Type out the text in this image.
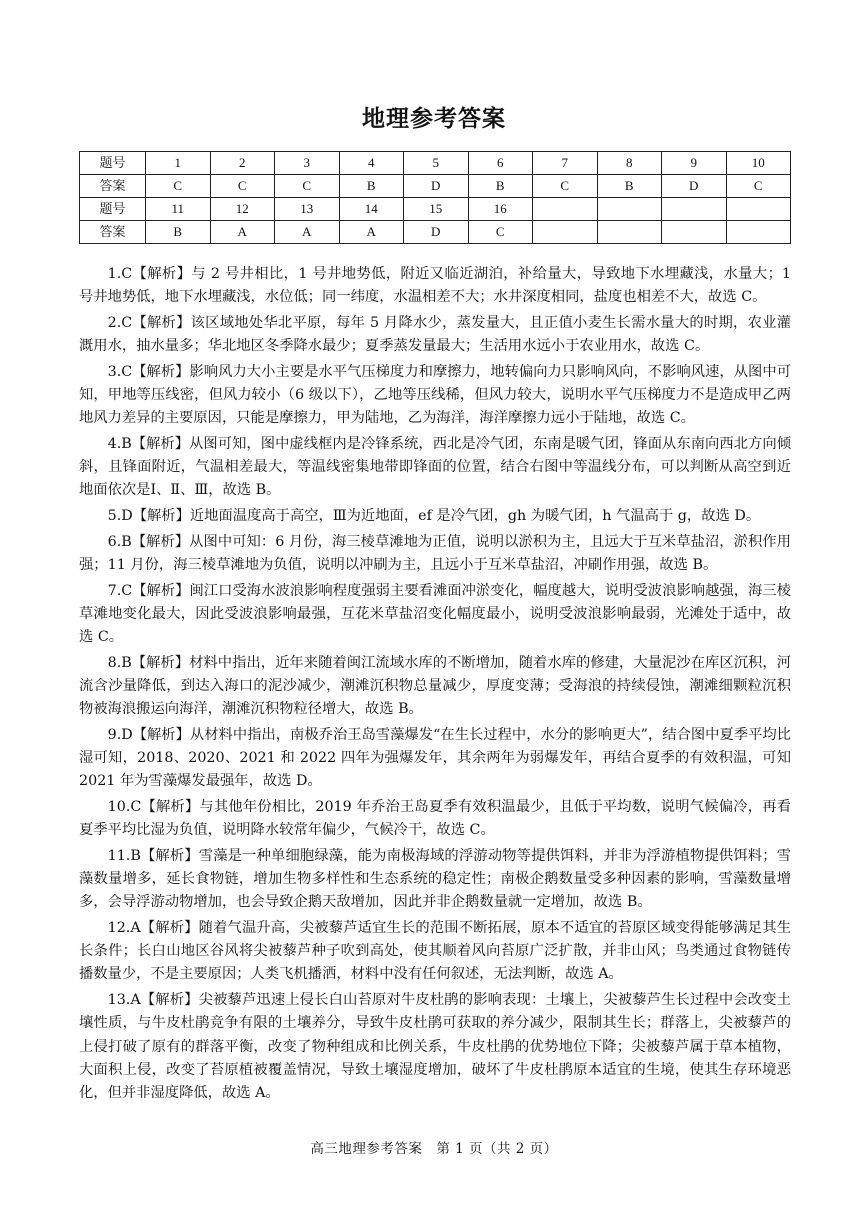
地理参考答案
题号	1	2	3	4	5	6	7	8	9	10
答案	C	C	C	B	D	B	C	B	D	C
题号	11	12	13	14	15	16				
答案	B	A	A	A	D	C				

1.C【解析】与 2 号井相比，1 号井地势低，附近又临近湖泊，补给量大，导致地下水埋藏浅，水量大；1 号井地势低，地下水埋藏浅，水位低；同一纬度，水温相差不大；水井深度相同，盐度也相差不大，故选 C。

2.C【解析】该区域地处华北平原，每年 5 月降水少，蒸发量大，且正值小麦生长需水量大的时期，农业灌溉用水，抽水量多；华北地区冬季降水最少；夏季蒸发量最大；生活用水远小于农业用水，故选 C。

3.C【解析】影响风力大小主要是水平气压梯度力和摩擦力，地转偏向力只影响风向，不影响风速，从图中可知，甲地等压线密，但风力较小（6 级以下），乙地等压线稀，但风力较大，说明水平气压梯度力不是造成甲乙两地风力差异的主要原因，只能是摩擦力，甲为陆地，乙为海洋，海洋摩擦力远小于陆地，故选 C。

4.B【解析】从图可知，图中虚线框内是冷锋系统，西北是冷气团，东南是暖气团，锋面从东南向西北方向倾斜，且锋面附近，气温相差最大，等温线密集地带即锋面的位置，结合右图中等温线分布，可以判断从高空到近地面依次是Ⅰ、Ⅱ、Ⅲ，故选 B。

5.D【解析】近地面温度高于高空，Ⅲ为近地面，ef 是冷气团，gh 为暖气团，h 气温高于 g，故选 D。

6.B【解析】从图中可知：6 月份，海三棱草滩地为正值，说明以淤积为主，且远大于互米草盐沼，淤积作用强；11 月份，海三棱草滩地为负值，说明以冲刷为主，且远小于互米草盐沼，冲刷作用强，故选 B。

7.C【解析】闽江口受海水波浪影响程度强弱主要看滩面冲淤变化，幅度越大，说明受波浪影响越强，海三棱草滩地变化最大，因此受波浪影响最强，互花米草盐沼变化幅度最小，说明受波浪影响最弱，光滩处于适中，故选 C。

8.B【解析】材料中指出，近年来随着闽江流域水库的不断增加，随着水库的修建，大量泥沙在库区沉积，河流含沙量降低，到达入海口的泥沙减少，潮滩沉积物总量减少，厚度变薄；受海浪的持续侵蚀，潮滩细颗粒沉积物被海浪搬运向海洋，潮滩沉积物粒径增大，故选 B。

9.D【解析】从材料中指出，南极乔治王岛雪藻爆发“在生长过程中，水分的影响更大”，结合图中夏季平均比湿可知，2018、2020、2021 和 2022 四年为强爆发年，其余两年为弱爆发年，再结合夏季的有效积温，可知 2021 年为雪藻爆发最强年，故选 D。

10.C【解析】与其他年份相比，2019 年乔治王岛夏季有效积温最少，且低于平均数，说明气候偏冷，再看夏季平均比湿为负值，说明降水较常年偏少，气候冷干，故选 C。

11.B【解析】雪藻是一种单细胞绿藻，能为南极海域的浮游动物等提供饵料，并非为浮游植物提供饵料；雪藻数量增多，延长食物链，增加生物多样性和生态系统的稳定性；南极企鹅数量受多种因素的影响，雪藻数量增多，会导浮游动物增加，也会导致企鹅天敌增加，因此并非企鹅数量就一定增加，故选 B。

12.A【解析】随着气温升高，尖被藜芦适宜生长的范围不断拓展，原本不适宜的苔原区域变得能够满足其生长条件；长白山地区谷风将尖被藜芦种子吹到高处，使其顺着风向苔原广泛扩散，并非山风；鸟类通过食物链传播数量少，不是主要原因；人类飞机播洒，材料中没有任何叙述，无法判断，故选 A。

13.A【解析】尖被藜芦迅速上侵长白山苔原对牛皮杜鹃的影响表现：土壤上，尖被藜芦生长过程中会改变土壤性质，与牛皮杜鹃竞争有限的土壤养分，导致牛皮杜鹃可获取的养分减少，限制其生长；群落上，尖被藜芦的上侵打破了原有的群落平衡，改变了物种组成和比例关系，牛皮杜鹃的优势地位下降；尖被藜芦属于草本植物，大面积上侵，改变了苔原植被覆盖情况，导致土壤湿度增加，破坏了牛皮杜鹃原本适宜的生境，使其生存环境恶化，但并非湿度降低，故选 A。

高三地理参考答案　第 1 页（共 2 页）
